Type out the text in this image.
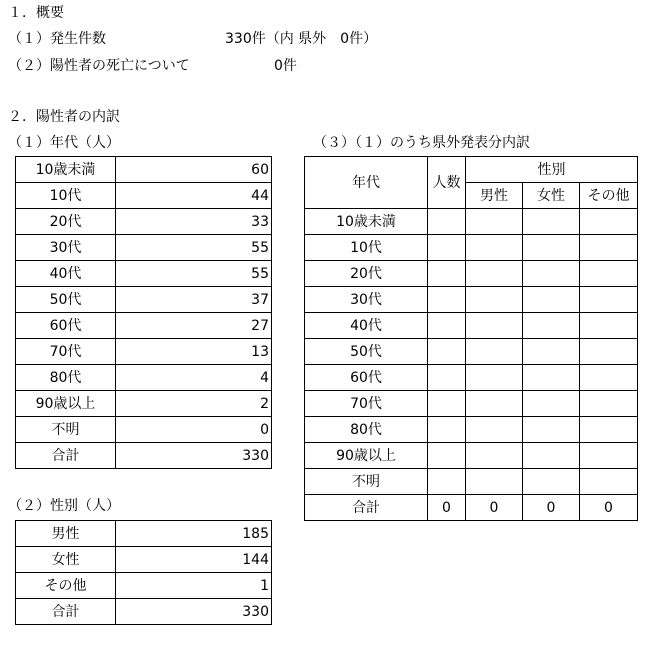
１．概要
（１）発生件数	330件（内 県外　0件）
（２）陽性者の死亡について	0件
２．陽性者の内訳
（１）年代（人）	（３）（１）のうち県外発表分内訳
10歳未満	60
10代	44
20代	33
30代	55
40代	55
50代	37
60代	27
70代	13
80代	4
90歳以上	2
不明	0
合計	330
（２）性別（人）
男性	185
女性	144
その他	1
合計	330
年代	人数	性別		
		男性	女性	その他
10歳未満				
10代				
20代				
30代				
40代				
50代				
60代				
70代				
80代				
90歳以上				
不明				
合計	0	0	0	0
